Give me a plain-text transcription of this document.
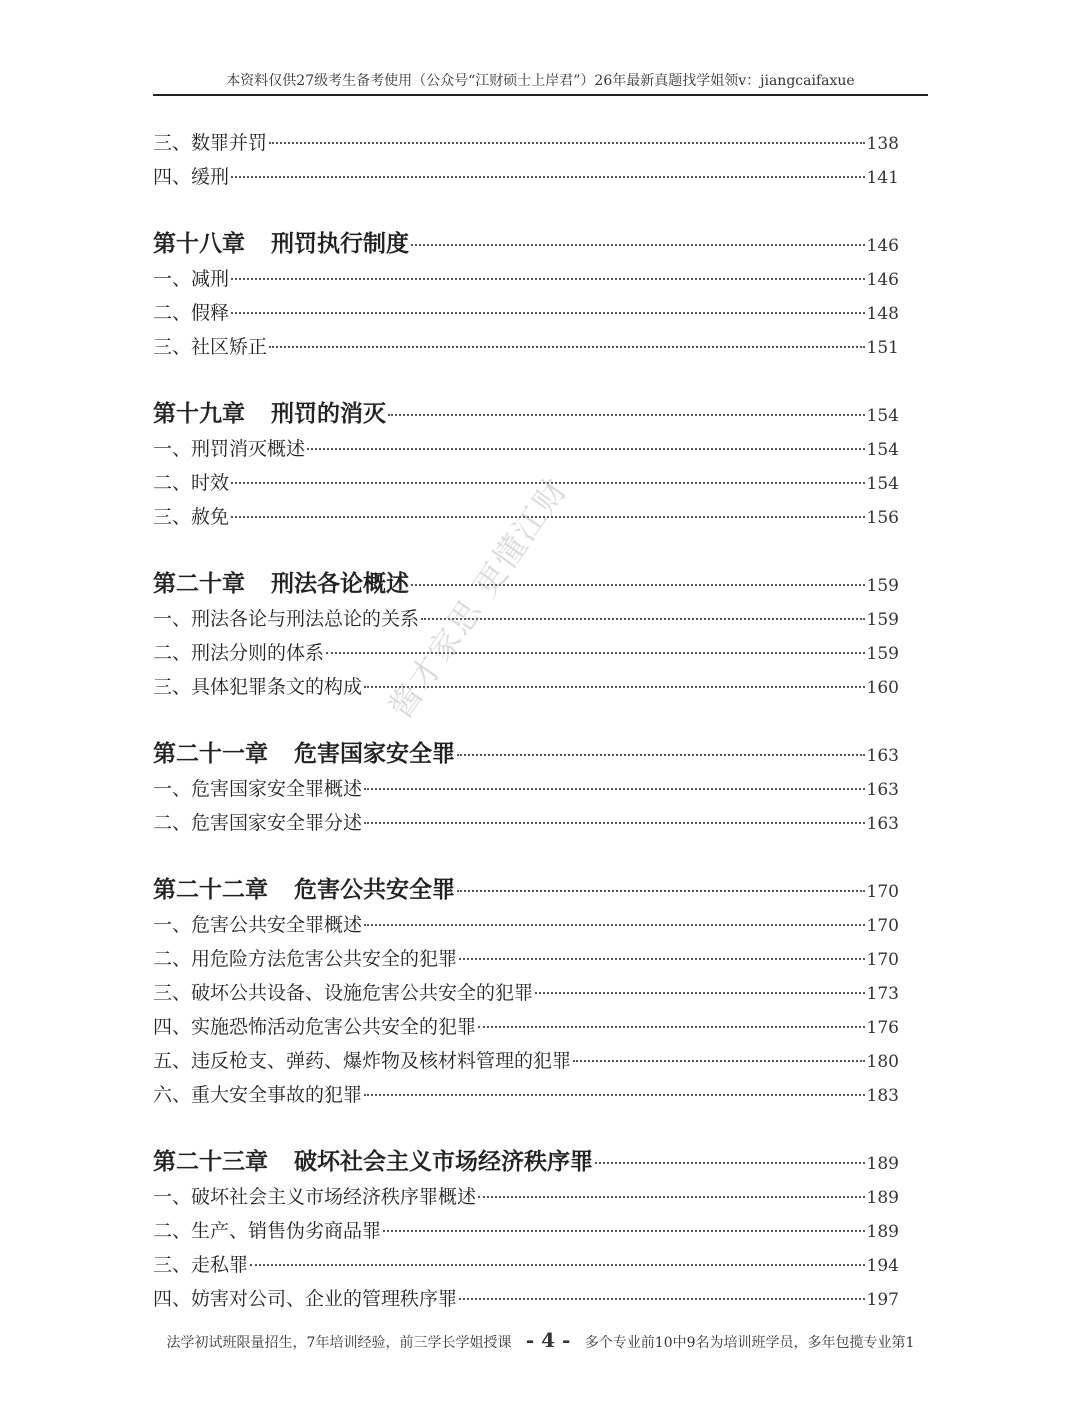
本资料仅供27级考生备考使用（公众号“江财硕士上岸君”）26年最新真题找学姐领v：jiangcaifaxue
三、数罪并罚	138
四、缓刑	141
第十八章 刑罚执行制度	146
一、减刑	146
二、假释	148
三、社区矫正	151
第十九章 刑罚的消灭	154
一、刑罚消灭概述	154
二、时效	154
三、赦免	156
第二十章 刑法各论概述	159
一、刑法各论与刑法总论的关系	159
二、刑法分则的体系	159
三、具体犯罪条文的构成	160
第二十一章 危害国家安全罪	163
一、危害国家安全罪概述	163
二、危害国家安全罪分述	163
第二十二章 危害公共安全罪	170
一、危害公共安全罪概述	170
二、用危险方法危害公共安全的犯罪	170
三、破坏公共设备、设施危害公共安全的犯罪	173
四、实施恐怖活动危害公共安全的犯罪	176
五、违反枪支、弹药、爆炸物及核材料管理的犯罪	180
六、重大安全事故的犯罪	183
第二十三章 破坏社会主义市场经济秩序罪	189
一、破坏社会主义市场经济秩序罪概述	189
二、生产、销售伪劣商品罪	189
三、走私罪	194
四、妨害对公司、企业的管理秩序罪	197
酱才家思 更懂江财
法学初试班限量招生，7年培训经验，前三学长学姐授课 - 4 - 多个专业前10中9名为培训班学员，多年包揽专业第1
